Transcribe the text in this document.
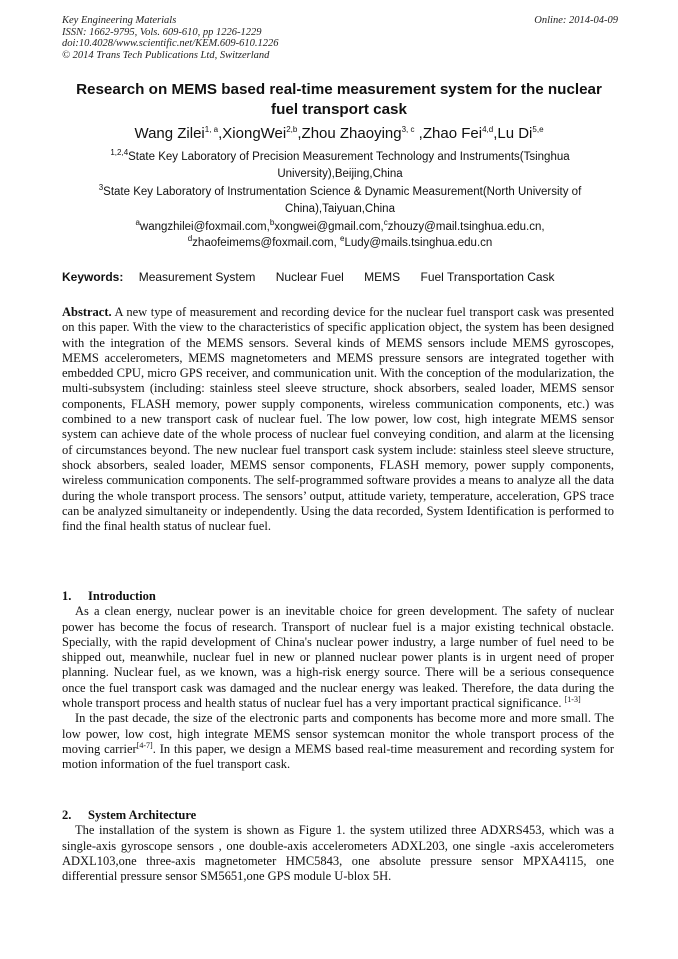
Key Engineering Materials	Online: 2014-04-09
ISSN: 1662-9795, Vols. 609-610, pp 1226-1229
doi:10.4028/www.scientific.net/KEM.609-610.1226
© 2014 Trans Tech Publications Ltd, Switzerland
Research on MEMS based real-time measurement system for the nuclear
fuel transport cask
Wang Zilei$^{1, a}$,XiongWei$^{2,b}$,Zhou Zhaoying$^{3, c}$ ,Zhao Fei$^{4,d}$,Lu Di$^{5,e}$
$^{1,2,4}$State Key Laboratory of Precision Measurement Technology and Instruments(Tsinghua
University),Beijing,China
$^3$State Key Laboratory of Instrumentation Science & Dynamic Measurement(North University of
China),Taiyuan,China
$^a$wangzhilei@foxmail.com,$^b$xongwei@gmail.com,$^c$zhouzy@mail.tsinghua.edu.cn,
$^d$zhaofeimems@foxmail.com, $^e$Ludy@mails.tsinghua.edu.cn
Keywords: Measurement System Nuclear Fuel MEMS Fuel Transportation Cask
Abstract. A new type of measurement and recording device for the nuclear fuel transport cask was presented on this paper. With the view to the characteristics of specific application object, the system has been designed with the integration of the MEMS sensors. Several kinds of MEMS sensors include MEMS gyroscopes, MEMS accelerometers, MEMS magnetometers and MEMS pressure sensors are integrated together with embedded CPU, micro GPS receiver, and communication unit. With the conception of the modularization, the multi-subsystem (including: stainless steel sleeve structure, shock absorbers, sealed loader, MEMS sensor components, FLASH memory, power supply components, wireless communication components, etc.) was combined to a new transport cask of nuclear fuel. The low power, low cost, high integrate MEMS sensor system can achieve date of the whole process of nuclear fuel conveying condition, and alarm at the licensing of circumstances beyond. The new nuclear fuel transport cask system include: stainless steel sleeve structure, shock absorbers, sealed loader, MEMS sensor components, FLASH memory, power supply components, wireless communication components. The self-programmed software provides a means to analyze all the data during the whole transport process. The sensors’ output, attitude variety, temperature, acceleration, GPS trace can be analyzed simultaneity or independently. Using the data recorded, System Identification is performed to find the final health status of nuclear fuel.
1. Introduction

As a clean energy, nuclear power is an inevitable choice for green development. The safety of nuclear power has become the focus of research. Transport of nuclear fuel is a major existing technical obstacle. Specially, with the rapid development of China's nuclear power industry, a large number of fuel need to be shipped out, meanwhile, nuclear fuel in new or planned nuclear power plants is in urgent need of proper planning. Nuclear fuel, as we known, was a high-risk energy source. There will be a serious consequence once the fuel transport cask was damaged and the nuclear energy was leaked. Therefore, the data during the whole transport process and health status of nuclear fuel has a very important practical significance. [1-3]

In the past decade, the size of the electronic parts and components has become more and more small. The low power, low cost, high integrate MEMS sensor systemcan monitor the whole transport process of the moving carrier[4-7]. In this paper, we design a MEMS based real-time measurement and recording system for motion information of the fuel transport cask.

2. System Architecture

The installation of the system is shown as Figure 1. the system utilized three ADXRS453, which was a single-axis gyroscope sensors , one double-axis accelerometers ADXL203, one single -axis accelerometers ADXL103,one three-axis magnetometer HMC5843, one absolute pressure sensor MPXA4115, one differential pressure sensor SM5651,one GPS module U-blox 5H.
